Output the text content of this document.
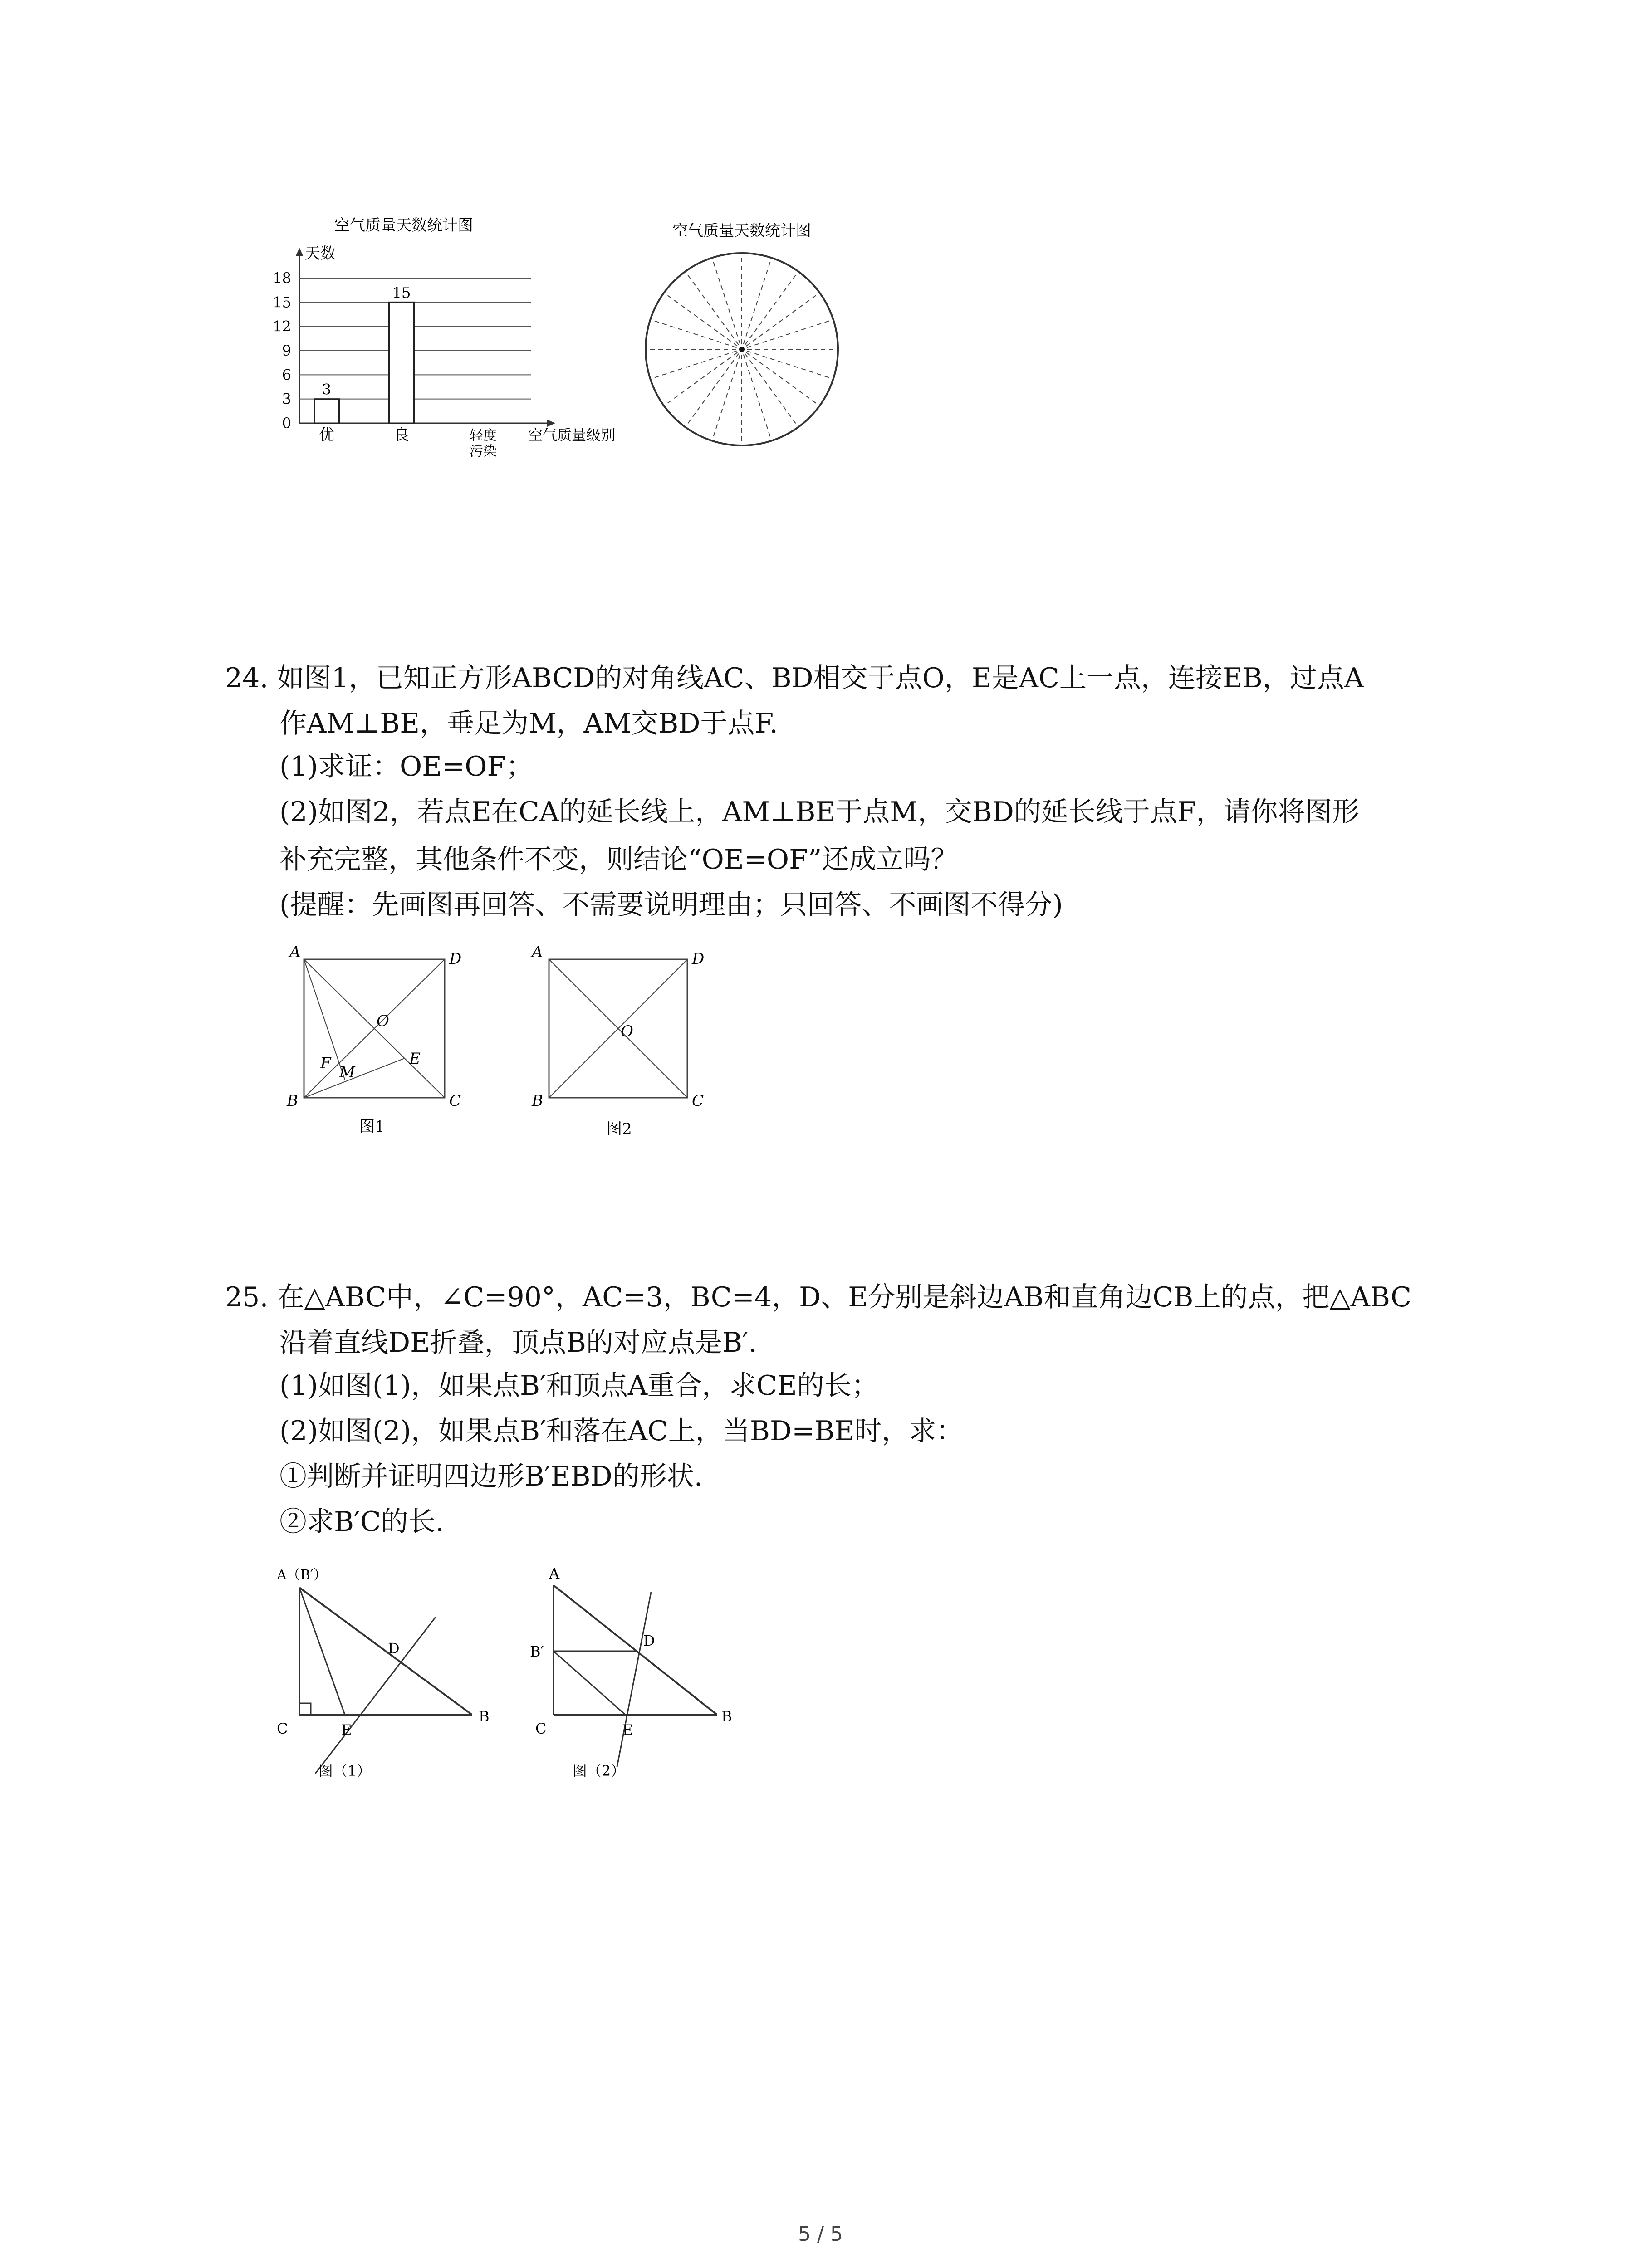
空气质量天数统计图
天数
0
3
6
9
12
15
18
3
15
优	良	轻度
污染
空气质量级别
空气质量天数统计图
24. 如图1，已知正方形ABCD的对角线AC、BD相交于点O，E是AC上一点，连接EB，过点A
作AM⊥BE，垂足为M，AM交BD于点F.
(1)求证：OE=OF；
(2)如图2，若点E在CA的延长线上，AM⊥BE于点M，交BD的延长线于点F，请你将图形
补充完整，其他条件不变，则结论“OE=OF”还成立吗？
(提醒：先画图再回答、不需要说明理由；只回答、不画图不得分)
A	D
B	C
O
E
F M
图1
A	D
B	C
O
图2
25. 在△ABC中，∠C=90°，AC=3，BC=4，D、E分别是斜边AB和直角边CB上的点，把△ABC
沿着直线DE折叠，顶点B的对应点是B′.
(1)如图(1)，如果点B′和顶点A重合，求CE的长；
(2)如图(2)，如果点B′和落在AC上，当BD=BE时，求：
①判断并证明四边形B′EBD的形状.
②求B′C的长.
A（B′）
D
C	E
B
图（1）
A
B′
D
C	E
B
图（2）
5 / 5
